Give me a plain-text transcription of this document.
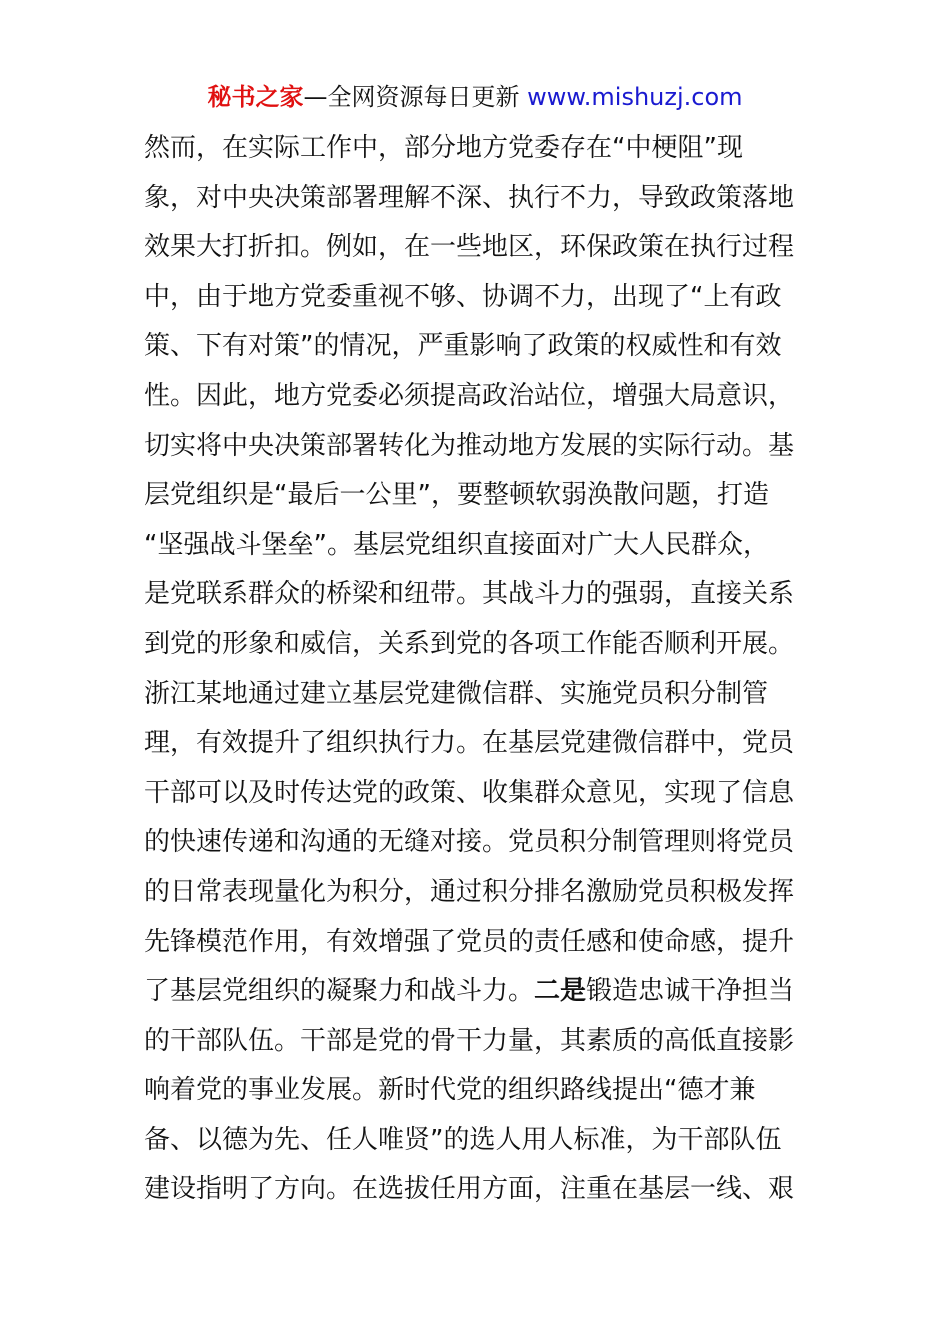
秘书之家—全网资源每日更新 www.mishuzj.com
然而，在实际工作中，部分地方党委存在“中梗阻”现
象，对中央决策部署理解不深、执行不力，导致政策落地
效果大打折扣。例如，在一些地区，环保政策在执行过程
中，由于地方党委重视不够、协调不力，出现了“上有政
策、下有对策”的情况，严重影响了政策的权威性和有效
性。因此，地方党委必须提高政治站位，增强大局意识，
切实将中央决策部署转化为推动地方发展的实际行动。基
层党组织是“最后一公里”，要整顿软弱涣散问题，打造
“坚强战斗堡垒”。基层党组织直接面对广大人民群众，
是党联系群众的桥梁和纽带。其战斗力的强弱，直接关系
到党的形象和威信，关系到党的各项工作能否顺利开展。
浙江某地通过建立基层党建微信群、实施党员积分制管
理，有效提升了组织执行力。在基层党建微信群中，党员
干部可以及时传达党的政策、收集群众意见，实现了信息
的快速传递和沟通的无缝对接。党员积分制管理则将党员
的日常表现量化为积分，通过积分排名激励党员积极发挥
先锋模范作用，有效增强了党员的责任感和使命感，提升
了基层党组织的凝聚力和战斗力。二是锻造忠诚干净担当
的干部队伍。干部是党的骨干力量，其素质的高低直接影
响着党的事业发展。新时代党的组织路线提出“德才兼
备、以德为先、任人唯贤”的选人用人标准，为干部队伍
建设指明了方向。在选拔任用方面，注重在基层一线、艰
